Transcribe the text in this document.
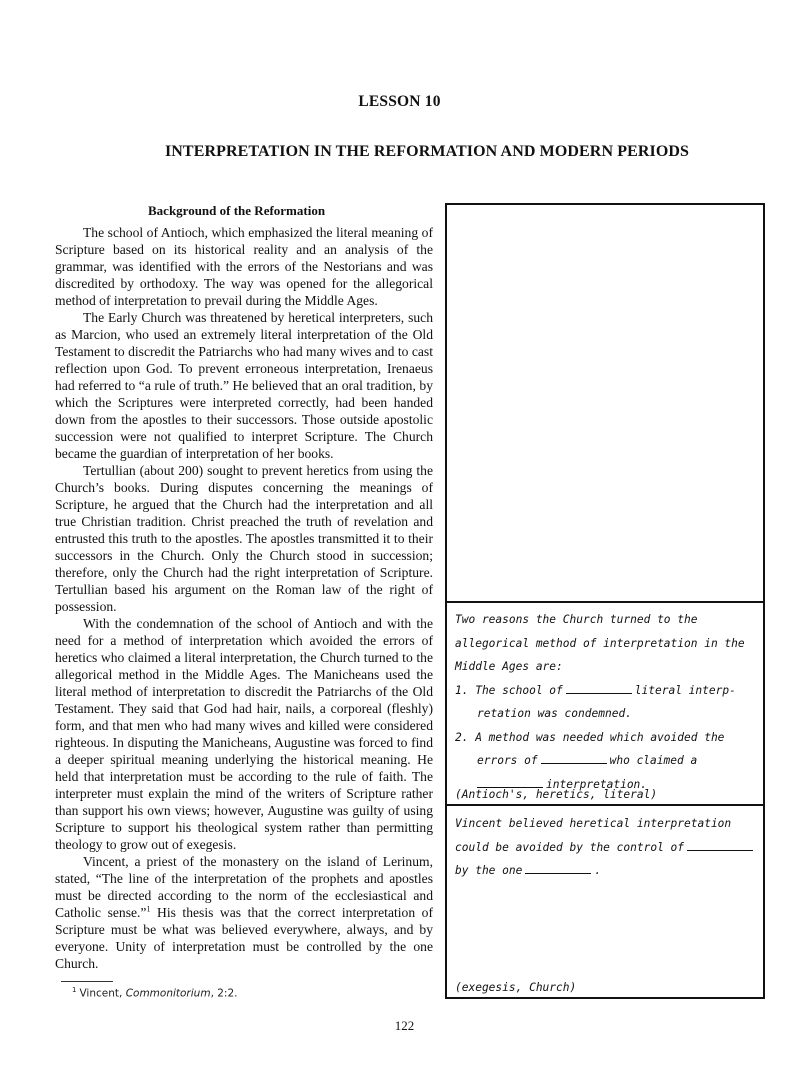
LESSON 10
INTERPRETATION IN THE REFORMATION AND MODERN PERIODS
Background of the Reformation

The school of Antioch, which emphasized the literal meaning of Scripture based on its historical reality and an analysis of the grammar, was identified with the errors of the Nestorians and was discredited by orthodoxy. The way was opened for the allegorical method of interpretation to prevail during the Middle Ages.

The Early Church was threatened by heretical interpreters, such as Marcion, who used an extremely literal interpretation of the Old Testament to discredit the Patriarchs who had many wives and to cast reflection upon God. To prevent erroneous interpretation, Irenaeus had referred to “a rule of truth.” He believed that an oral tradition, by which the Scriptures were interpreted correctly, had been handed down from the apostles to their successors. Those outside apostolic succession were not qualified to interpret Scripture. The Church became the guardian of interpretation of her books.

Tertullian (about 200) sought to prevent heretics from using the Church’s books. During disputes concerning the meanings of Scripture, he argued that the Church had the interpretation and all true Christian tradition. Christ preached the truth of revelation and entrusted this truth to the apostles. The apostles transmitted it to their successors in the Church. Only the Church stood in succession; therefore, only the Church had the right interpretation of Scripture. Tertullian based his argument on the Roman law of the right of possession.

With the condemnation of the school of Antioch and with the need for a method of interpretation which avoided the errors of heretics who claimed a literal interpretation, the Church turned to the allegorical method in the Middle Ages. The Manicheans used the literal method of interpretation to discredit the Patriarchs of the Old Testament. They said that God had hair, nails, a corporeal (fleshly) form, and that men who had many wives and killed were considered righteous. In disputing the Manicheans, Augustine was forced to find a deeper spiritual meaning underlying the historical meaning. He held that interpretation must be according to the rule of faith. The interpreter must explain the mind of the writers of Scripture rather than support his own views; however, Augustine was guilty of using Scripture to support his theological system rather than permitting theology to grow out of exegesis.

Vincent, a priest of the monastery on the island of Lerinum, stated, “The line of the interpretation of the prophets and apostles must be directed according to the norm of the ecclesiastical and Catholic sense.”$^1$ His thesis was that the correct interpretation of Scripture must be what was believed everywhere, always, and by everyone. Unity of interpretation must be controlled by the one Church.

$^1$ Vincent, Commonitorium, 2:2.
122
Two reasons the Church turned to the
allegorical method of interpretation in the
Middle Ages are:
1. The school of	literal interp-
retation was condemned.
2. A method was needed which avoided the
errors of	who claimed a
interpretation.
(Antioch's, heretics, literal)
Vincent believed heretical interpretation
could be avoided by the control of
by the one	.
(exegesis, Church)
